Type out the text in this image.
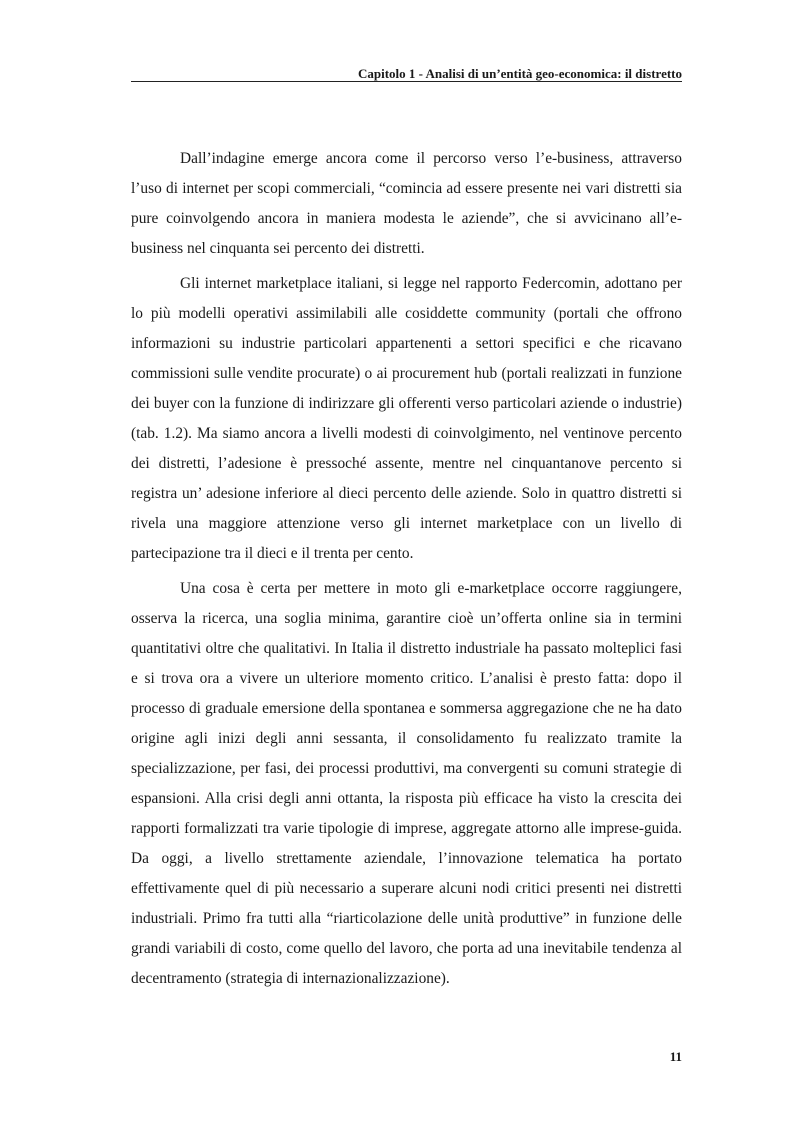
Capitolo 1 - Analisi di un’entità geo-economica: il distretto

Dall’indagine emerge ancora come il percorso verso l’e-business, attraverso l’uso di internet per scopi commerciali, “comincia ad essere presente nei vari distretti sia pure coinvolgendo ancora in maniera modesta le aziende”, che si avvicinano all’e-business nel cinquanta sei percento dei distretti.

Gli internet marketplace italiani, si legge nel rapporto Federcomin, adottano per lo più modelli operativi assimilabili alle cosiddette community (portali che offrono informazioni su industrie particolari appartenenti a settori specifici e che ricavano commissioni sulle vendite procurate) o ai procurement hub (portali realizzati in funzione dei buyer con la funzione di indirizzare gli offerenti verso particolari aziende o industrie) (tab. 1.2). Ma siamo ancora a livelli modesti di coinvolgimento, nel ventinove percento dei distretti, l’adesione è pressoché assente, mentre nel cinquantanove percento si registra un’ adesione inferiore al dieci percento delle aziende. Solo in quattro distretti si rivela una maggiore attenzione verso gli internet marketplace con un livello di partecipazione tra il dieci e il trenta per cento.

Una cosa è certa per mettere in moto gli e-marketplace occorre raggiungere, osserva la ricerca, una soglia minima, garantire cioè un’offerta online sia in termini quantitativi oltre che qualitativi. In Italia il distretto industriale ha passato molteplici fasi e si trova ora a vivere un ulteriore momento critico. L’analisi è presto fatta: dopo il processo di graduale emersione della spontanea e sommersa aggregazione che ne ha dato origine agli inizi degli anni sessanta, il consolidamento fu realizzato tramite la specializzazione, per fasi, dei processi produttivi, ma convergenti su comuni strategie di espansioni. Alla crisi degli anni ottanta, la risposta più efficace ha visto la crescita dei rapporti formalizzati tra varie tipologie di imprese, aggregate attorno alle imprese-guida. Da oggi, a livello strettamente aziendale, l’innovazione telematica ha portato effettivamente quel di più necessario a superare alcuni nodi critici presenti nei distretti industriali. Primo fra tutti alla “riarticolazione delle unità produttive” in funzione delle grandi variabili di costo, come quello del lavoro, che porta ad una inevitabile tendenza al decentramento (strategia di internazionalizzazione).

11
